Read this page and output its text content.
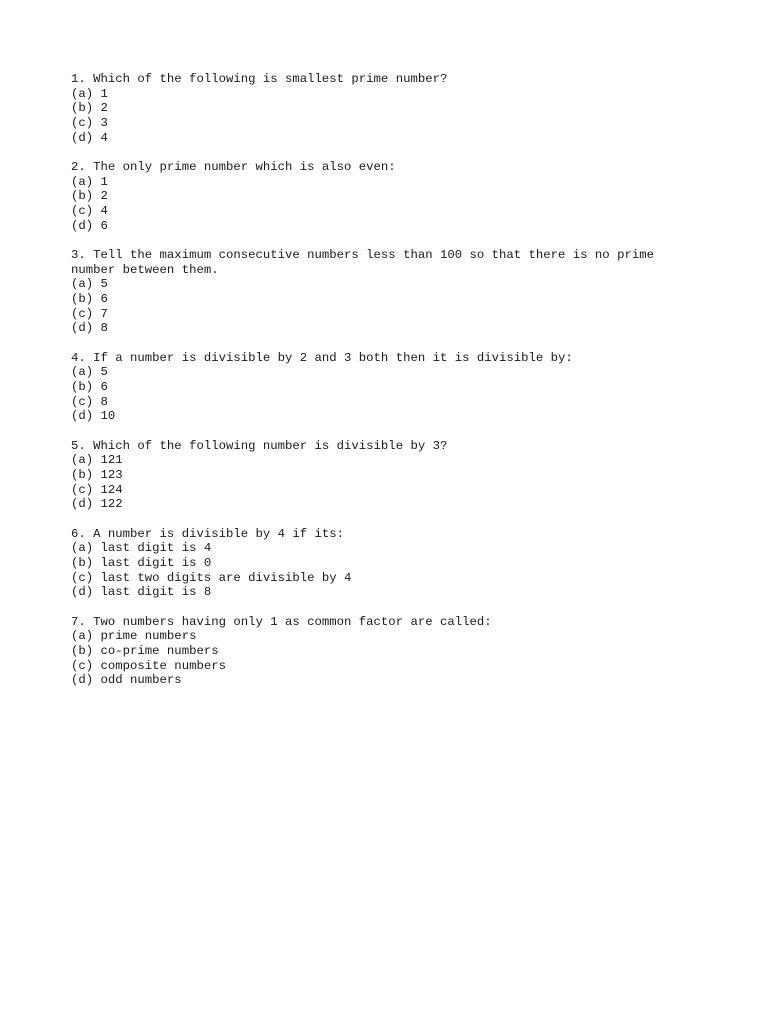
1. Which of the following is smallest prime number?
(a) 1
(b) 2
(c) 3
(d) 4
2. The only prime number which is also even:
(a) 1
(b) 2
(c) 4
(d) 6
3. Tell the maximum consecutive numbers less than 100 so that there is no prime number between them.
(a) 5
(b) 6
(c) 7
(d) 8
4. If a number is divisible by 2 and 3 both then it is divisible by:
(a) 5
(b) 6
(c) 8
(d) 10
5. Which of the following number is divisible by 3?
(a) 121
(b) 123
(c) 124
(d) 122
6. A number is divisible by 4 if its:
(a) last digit is 4
(b) last digit is 0
(c) last two digits are divisible by 4
(d) last digit is 8
7. Two numbers having only 1 as common factor are called:
(a) prime numbers
(b) co-prime numbers
(c) composite numbers
(d) odd numbers
